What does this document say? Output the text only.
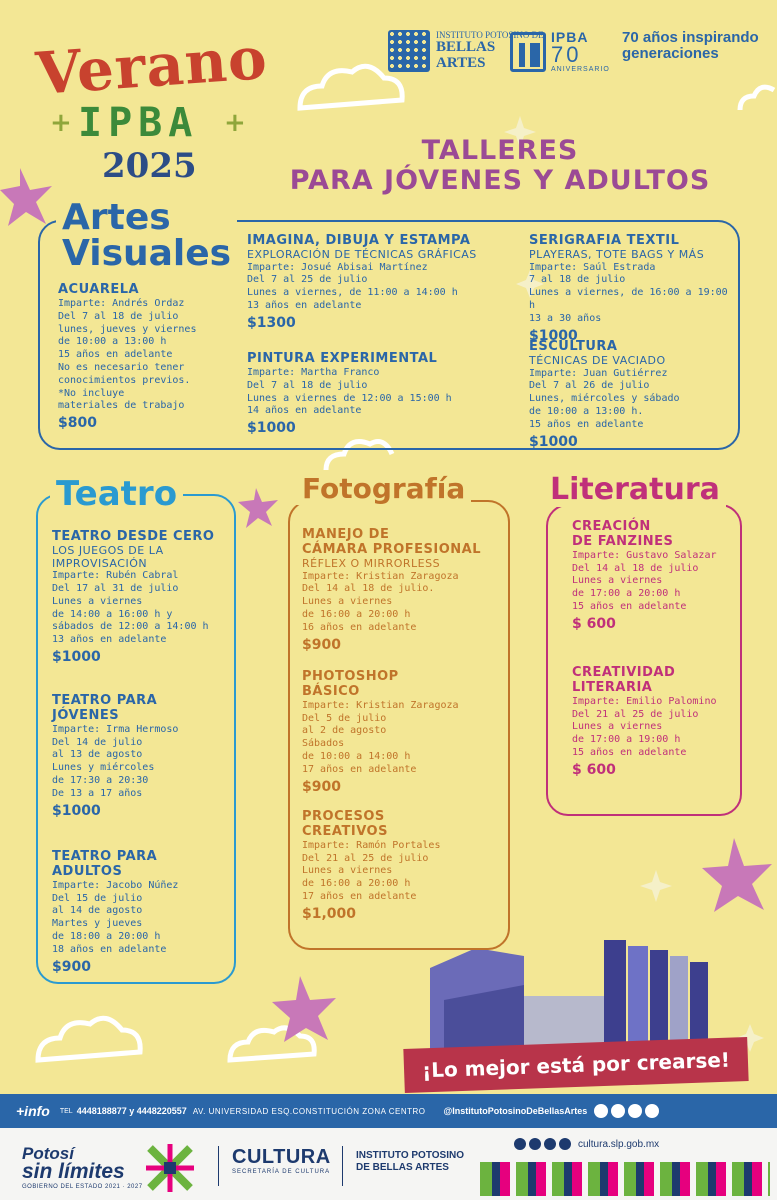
Verano
+ IPBA +
2025
INSTITUTO POTOSINO DE
BELLAS
ARTES
IPBA
70
ANIVERSARIO
70 años inspirando generaciones
TALLERES
PARA JÓVENES Y ADULTOS
Artes
Visuales
ACUARELA
Imparte: Andrés Ordaz
Del 7 al 18 de julio
lunes, jueves y viernes
de 10:00 a 13:00 h
15 años en adelante
No es necesario tener
conocimientos previos.
*No incluye
materiales de trabajo
$800
IMAGINA, DIBUJA Y ESTAMPA
EXPLORACIÓN DE TÉCNICAS GRÁFICAS
Imparte: Josué Abisai Martínez
Del 7 al 25 de julio
Lunes a viernes, de 11:00 a 14:00 h
13 años en adelante
$1300
PINTURA EXPERIMENTAL
Imparte: Martha Franco
Del 7 al 18 de julio
Lunes a viernes de 12:00 a 15:00 h
14 años en adelante
$1000
SERIGRAFIA TEXTIL
PLAYERAS, TOTE BAGS Y MÁS
Imparte: Saúl Estrada
7 al 18 de julio
Lunes a viernes, de 16:00 a 19:00 h
13 a 30 años
$1000
ESCULTURA
TÉCNICAS DE VACIADO
Imparte: Juan Gutiérrez
Del 7 al 26 de julio
Lunes, miércoles y sábado
de 10:00 a 13:00 h.
15 años en adelante
$1000
Teatro
TEATRO DESDE CERO
LOS JUEGOS DE LA
IMPROVISACIÓN
Imparte: Rubén Cabral
Del 17 al 31 de julio
Lunes a viernes
de 14:00 a 16:00 h y
sábados de 12:00 a 14:00 h
13 años en adelante
$1000
TEATRO PARA
JÓVENES
Imparte: Irma Hermoso
Del 14 de julio
al 13 de agosto
Lunes y miércoles
de 17:30 a 20:30
De 13 a 17 años
$1000
TEATRO PARA
ADULTOS
Imparte: Jacobo Núñez
Del 15 de julio
al 14 de agosto
Martes y jueves
de 18:00 a 20:00 h
18 años en adelante
$900
Fotografía
MANEJO DE
CÁMARA PROFESIONAL
RÉFLEX O MIRRORLESS
Imparte: Kristian Zaragoza
Del 14 al 18 de julio.
Lunes a viernes
de 16:00 a 20:00 h
16 años en adelante
$900
PHOTOSHOP
BÁSICO
Imparte: Kristian Zaragoza
Del 5 de julio
al 2 de agosto
Sábados
de 10:00 a 14:00 h
17 años en adelante
$900
PROCESOS
CREATIVOS
Imparte: Ramón Portales
Del 21 al 25 de julio
Lunes a viernes
de 16:00 a 20:00 h
17 años en adelante
$1,000
Literatura
CREACIÓN
DE FANZINES
Imparte: Gustavo Salazar
Del 14 al 18 de julio
Lunes a viernes
de 17:00 a 20:00 h
15 años en adelante
$ 600
CREATIVIDAD
LITERARIA
Imparte: Emilio Palomino
Del 21 al 25 de julio
Lunes a viernes
de 17:00 a 19:00 h
15 años en adelante
$ 600
¡Lo mejor está por crearse!
+info TEL 4448188877 y 4448220557 AV. UNIVERSIDAD ESQ.CONSTITUCIÓN ZONA CENTRO @InstitutoPotosinoDeBellasArtes
Potosí
sin límites
GOBIERNO DEL ESTADO 2021 · 2027
CULTURA
SECRETARÍA DE CULTURA
INSTITUTO POTOSINO
DE BELLAS ARTES
cultura.slp.gob.mx
